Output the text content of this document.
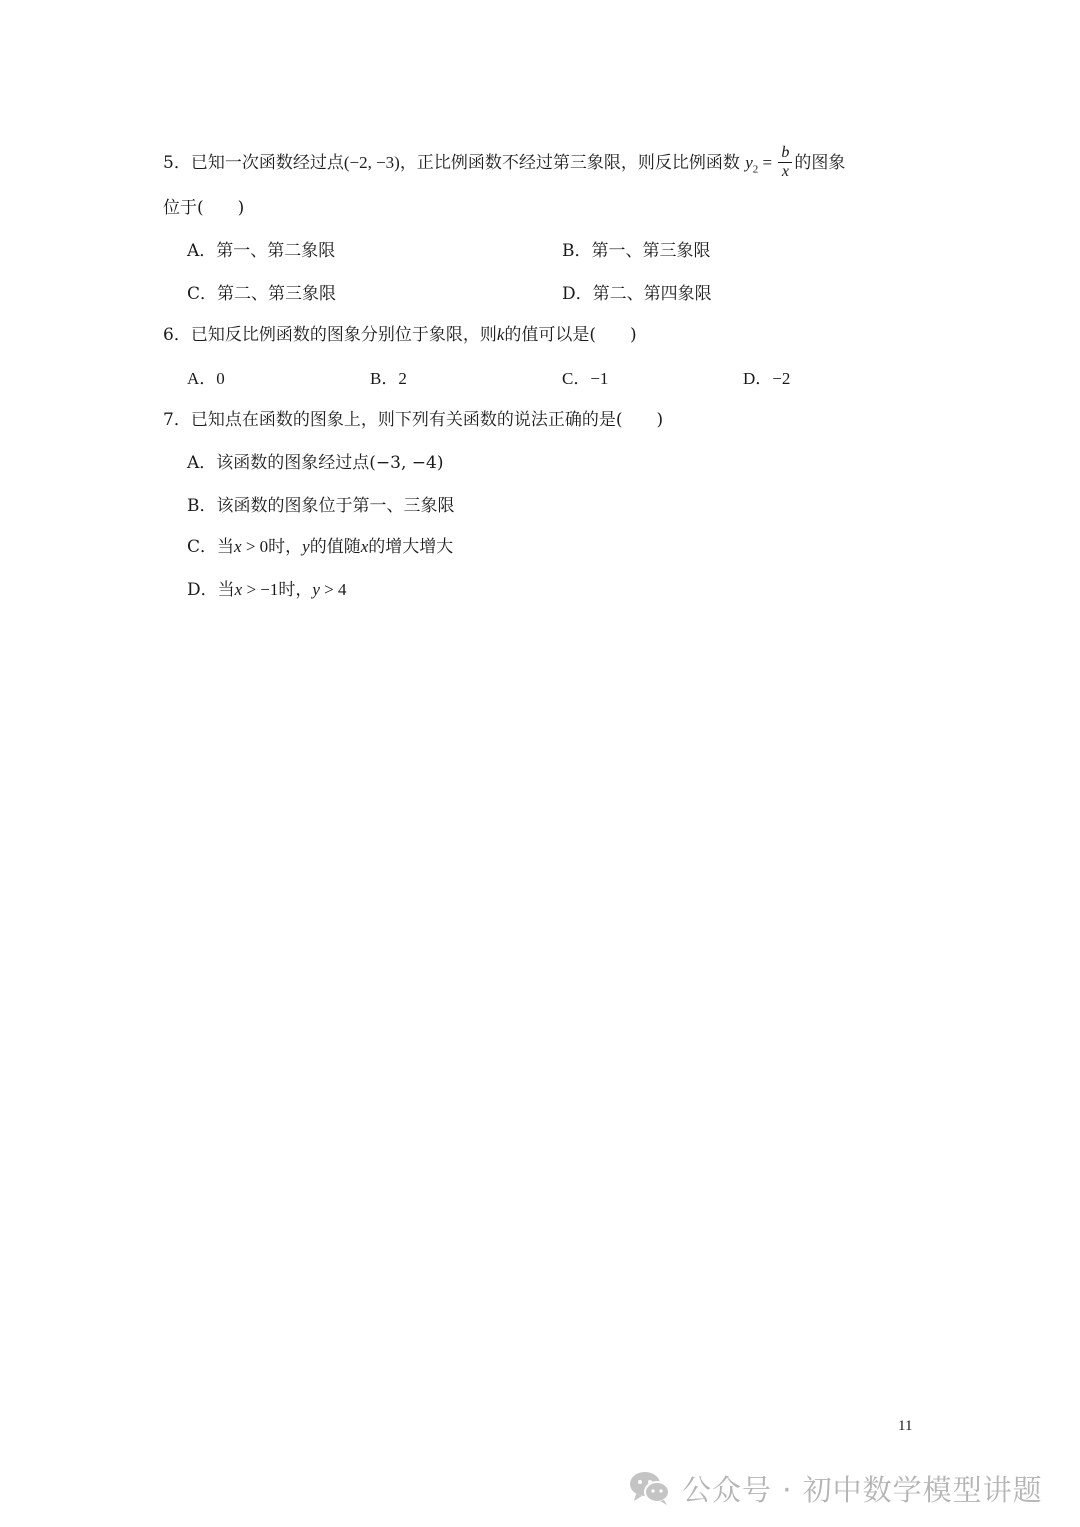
5．已知一次函数经过点(−2, −3)，正比例函数不经过第三象限，则反比例函数 $y_2 = \frac{b}{x}$ 的图象
位于(　　)
A．第一、第二象限	B．第一、第三象限
C．第二、第三象限	D．第二、第四象限
6．已知反比例函数的图象分别位于象限，则k的值可以是(　　)
A．0	B．2	C．−1	D．−2
7．已知点在函数的图象上，则下列有关函数的说法正确的是(　　)
A．该函数的图象经过点(−3, −4)
B．该函数的图象位于第一、三象限
C．当x > 0时，y的值随x的增大增大
D．当x > −1时，y > 4
11
公众号 · 初中数学模型讲题
